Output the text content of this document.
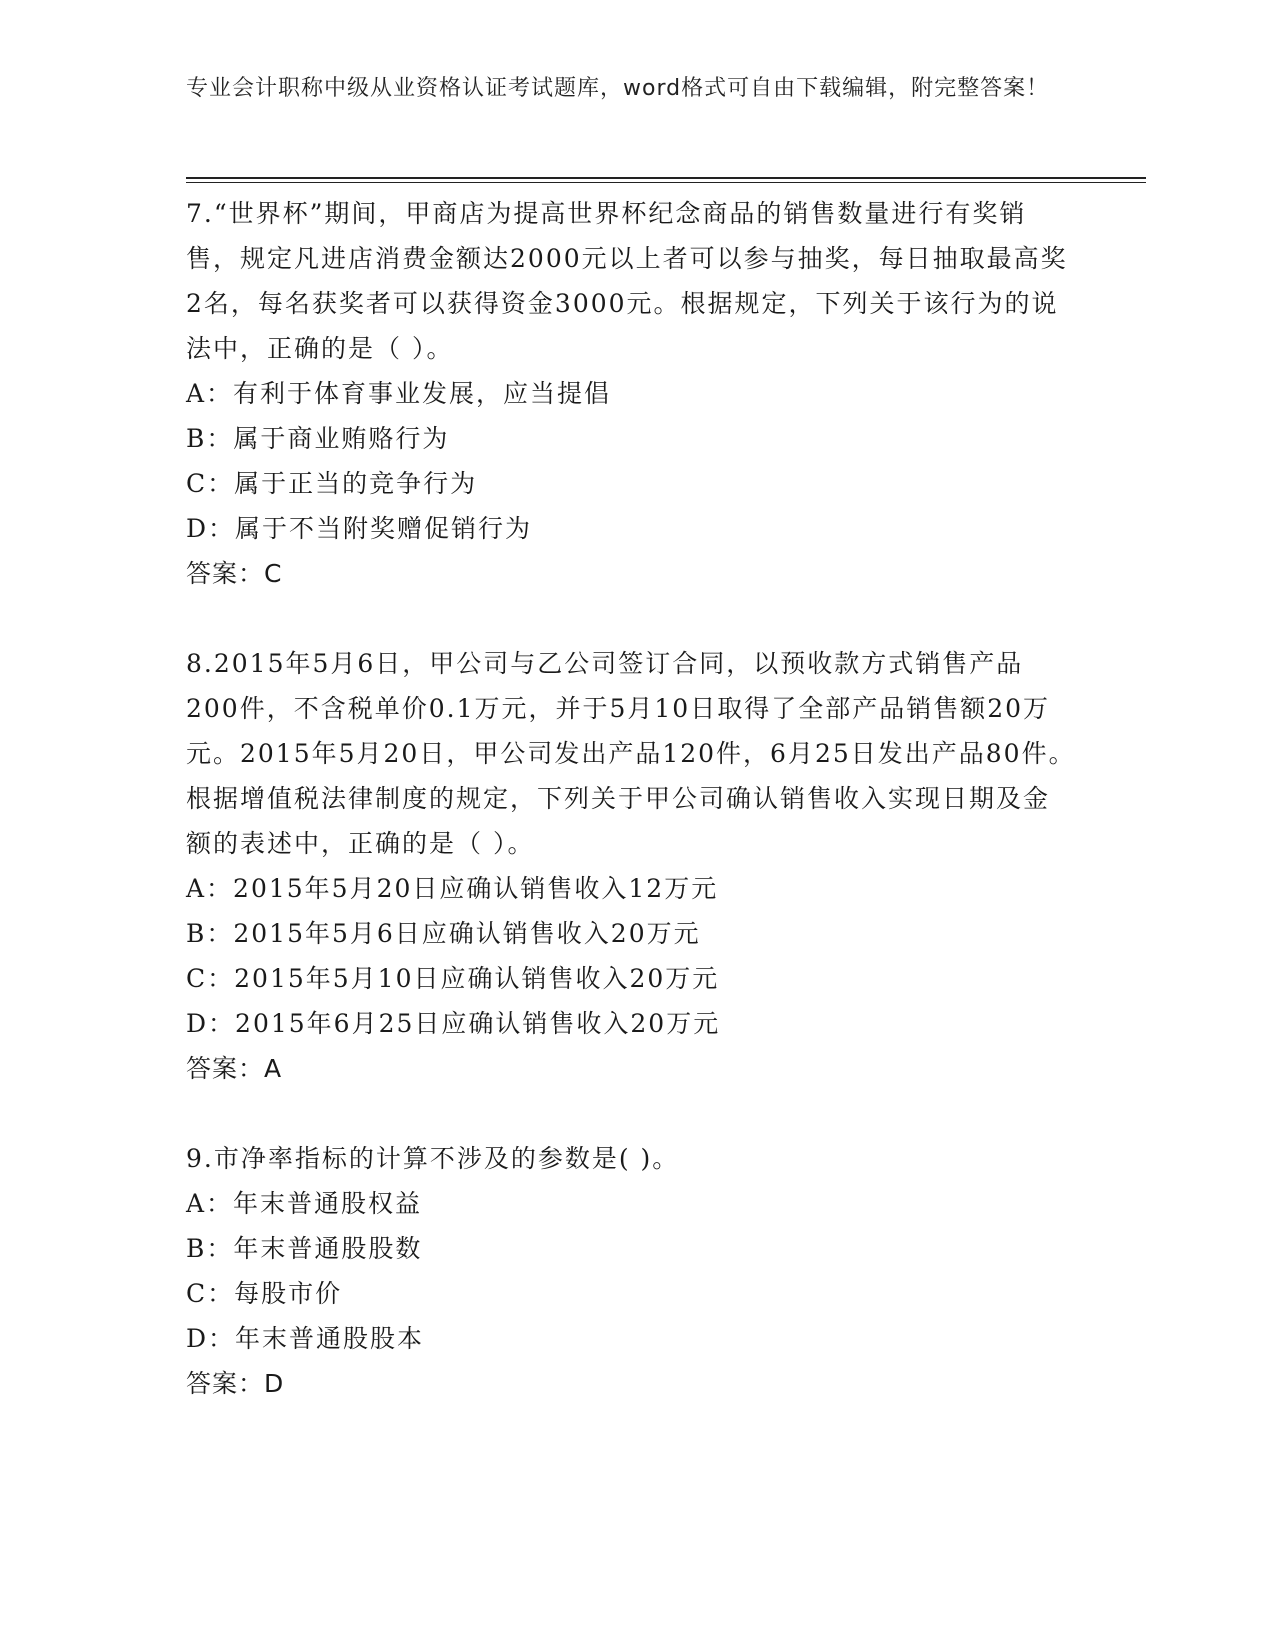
专业会计职称中级从业资格认证考试题库，word格式可自由下载编辑，附完整答案！

7.“世界杯”期间，甲商店为提高世界杯纪念商品的销售数量进行有奖销售，规定凡进店消费金额达2000元以上者可以参与抽奖，每日抽取最高奖2名，每名获奖者可以获得资金3000元。根据规定，下列关于该行为的说法中，正确的是（ ）。

A：有利于体育事业发展，应当提倡

B：属于商业贿赂行为

C：属于正当的竞争行为

D：属于不当附奖赠促销行为

答案：C

8.2015年5月6日，甲公司与乙公司签订合同，以预收款方式销售产品200件，不含税单价0.1万元，并于5月10日取得了全部产品销售额20万元。2015年5月20日，甲公司发出产品120件，6月25日发出产品80件。根据增值税法律制度的规定，下列关于甲公司确认销售收入实现日期及金额的表述中，正确的是（ ）。

A：2015年5月20日应确认销售收入12万元

B：2015年5月6日应确认销售收入20万元

C：2015年5月10日应确认销售收入20万元

D：2015年6月25日应确认销售收入20万元

答案：A

9.市净率指标的计算不涉及的参数是( )。

A：年末普通股权益

B：年末普通股股数

C：每股市价

D：年末普通股股本

答案：D
